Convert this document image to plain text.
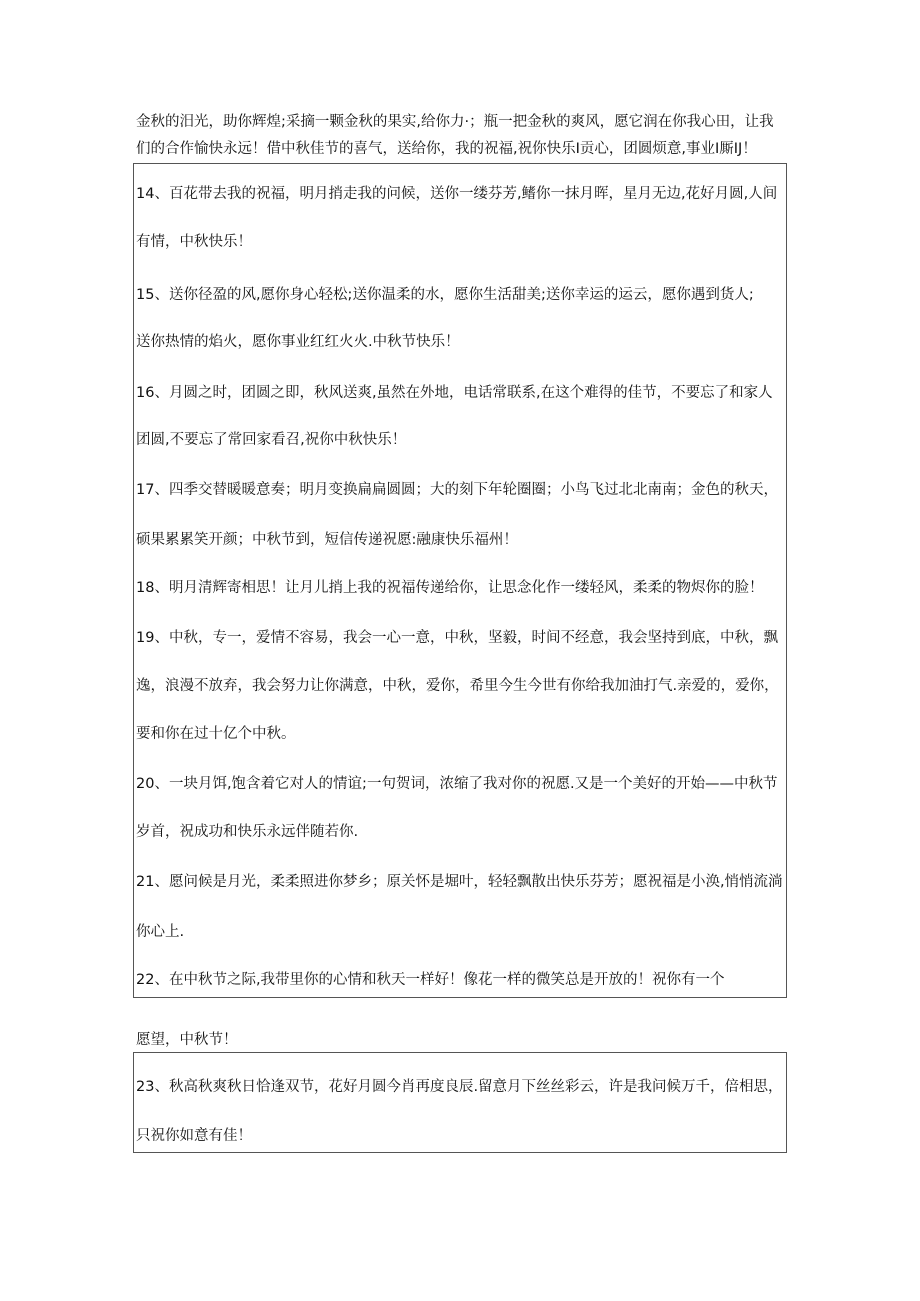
金秋的汨光，助你辉煌;采摘一颗金秋的果实,给你力·；瓶一把金秋的爽风，愿它润在你我心田，让我
们的合作愉快永远！借中秋佳节的喜气，送给你，我的祝福,祝你快乐I贡心，团圆烦意,事业I厮IJ！
14、百花带去我的祝福，明月捎走我的问候，送你一缕芬芳,鳍你一抹月晖，星月无边,花好月圆,人间
有情，中秋快乐！
15、送你径盈的风,愿你身心轻松;送你温柔的水，愿你生活甜美;送你幸运的运云，愿你遇到货人;
送你热情的焰火，愿你事业红红火火.中秋节快乐！
16、月圆之时，团圆之即，秋风送爽,虽然在外地，电话常联系,在这个难得的佳节，不要忘了和家人
团圆,不要忘了常回家看召,祝你中秋快乐！
17、四季交替暖暖意奏；明月变换扁扁圆圆；大的刻下年轮圈圈；小鸟飞过北北南南；金色的秋天，
硕果累累笑开颜；中秋节到，短信传递祝愿:融康快乐福州！
18、明月清辉寄相思！让月儿捎上我的祝福传递给你，让思念化作一缕轻风，柔柔的物烬你的脸！
19、中秋，专一，爱情不容易，我会一心一意，中秋，坚毅，时间不经意，我会坚持到底，中秋，飘
逸，浪漫不放弃，我会努力让你满意，中秋，爱你，希里今生今世有你给我加油打气.亲爱的，爱你，
要和你在过十亿个中秋。
20、一块月饵,饱含着它对人的情谊;一句贺词，浓缩了我对你的祝愿.又是一个美好的开始——中秋节
岁首，祝成功和快乐永远伴随若你.
21、愿问候是月光，柔柔照进你梦乡；原关怀是堀叶，轻轻飘散出快乐芬芳；愿祝福是小涣,悄悄流淌
你心上.
22、在中秋节之际,我带里你的心情和秋天一样好！像花一样的微笑总是开放的！祝你有一个
愿望，中秋节！
23、秋高秋爽秋日恰逢双节，花好月圆今肖再度良辰.留意月下丝丝彩云，许是我问候万千，倍相思，
只祝你如意有佳！
